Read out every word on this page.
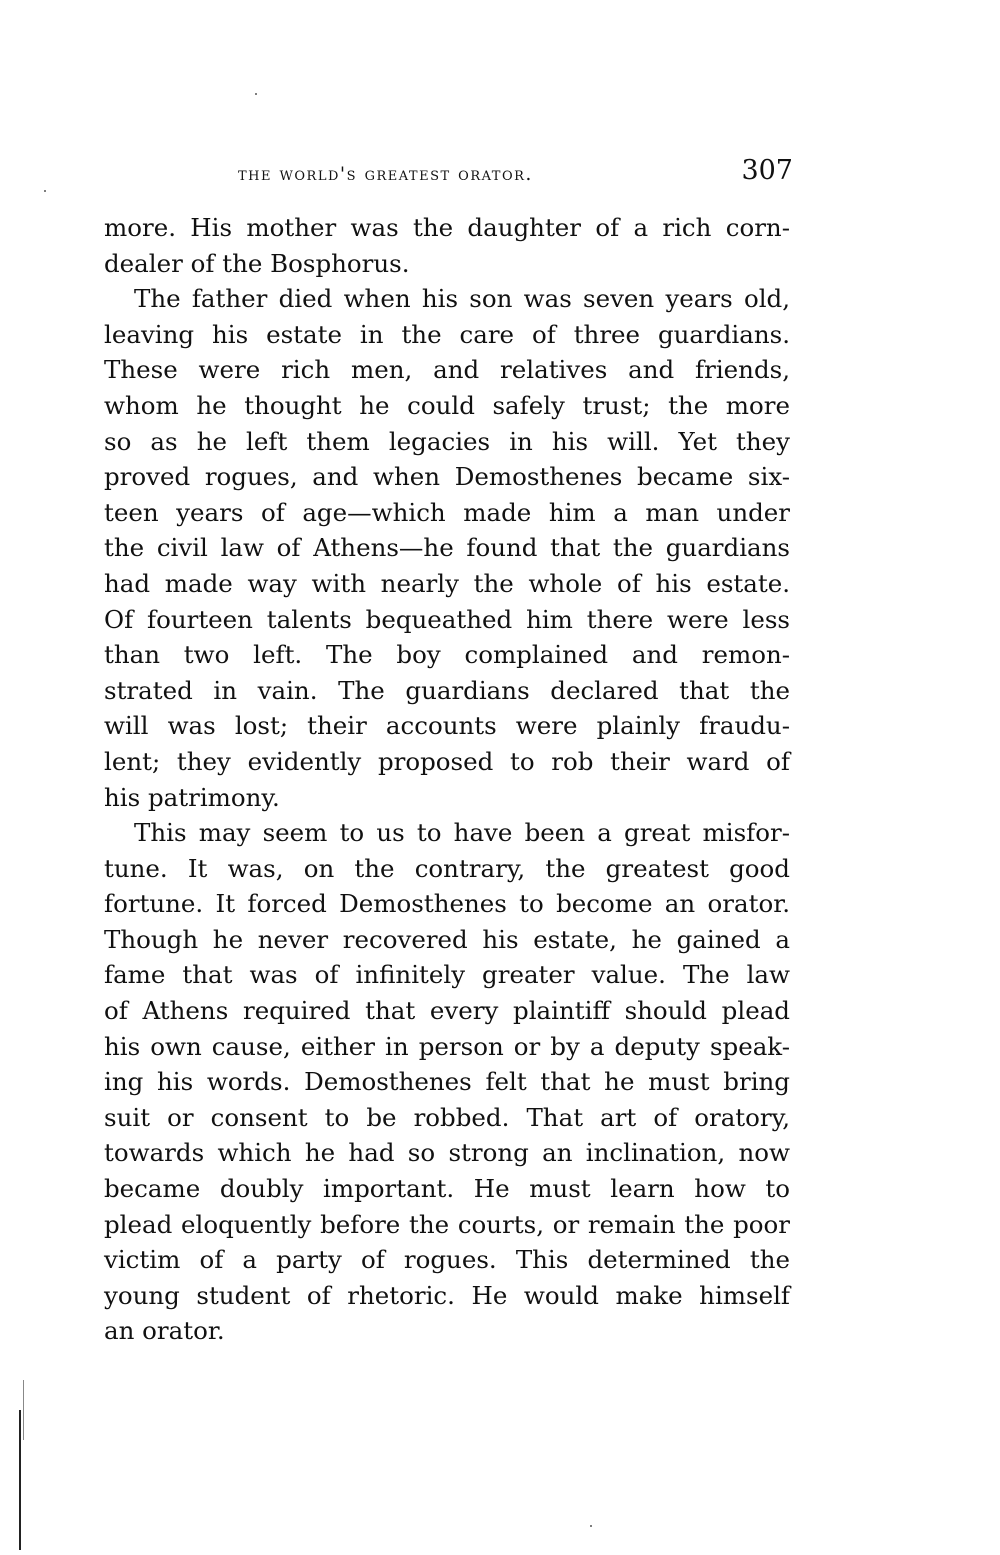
the world's greatest orator.	307
more. His mother was the daughter of a rich corn-
dealer of the Bosphorus.
The father died when his son was seven years old,
leaving his estate in the care of three guardians.
These were rich men, and relatives and friends,
whom he thought he could safely trust; the more
so as he left them legacies in his will. Yet they
proved rogues, and when Demosthenes became six-
teen years of age—which made him a man under
the civil law of Athens—he found that the guardians
had made way with nearly the whole of his estate.
Of fourteen talents bequeathed him there were less
than two left. The boy complained and remon-
strated in vain. The guardians declared that the
will was lost; their accounts were plainly fraudu-
lent; they evidently proposed to rob their ward of
his patrimony.
This may seem to us to have been a great misfor-
tune. It was, on the contrary, the greatest good
fortune. It forced Demosthenes to become an orator.
Though he never recovered his estate, he gained a
fame that was of infinitely greater value. The law
of Athens required that every plaintiff should plead
his own cause, either in person or by a deputy speak-
ing his words. Demosthenes felt that he must bring
suit or consent to be robbed. That art of oratory,
towards which he had so strong an inclination, now
became doubly important. He must learn how to
plead eloquently before the courts, or remain the poor
victim of a party of rogues. This determined the
young student of rhetoric. He would make himself
an orator.
